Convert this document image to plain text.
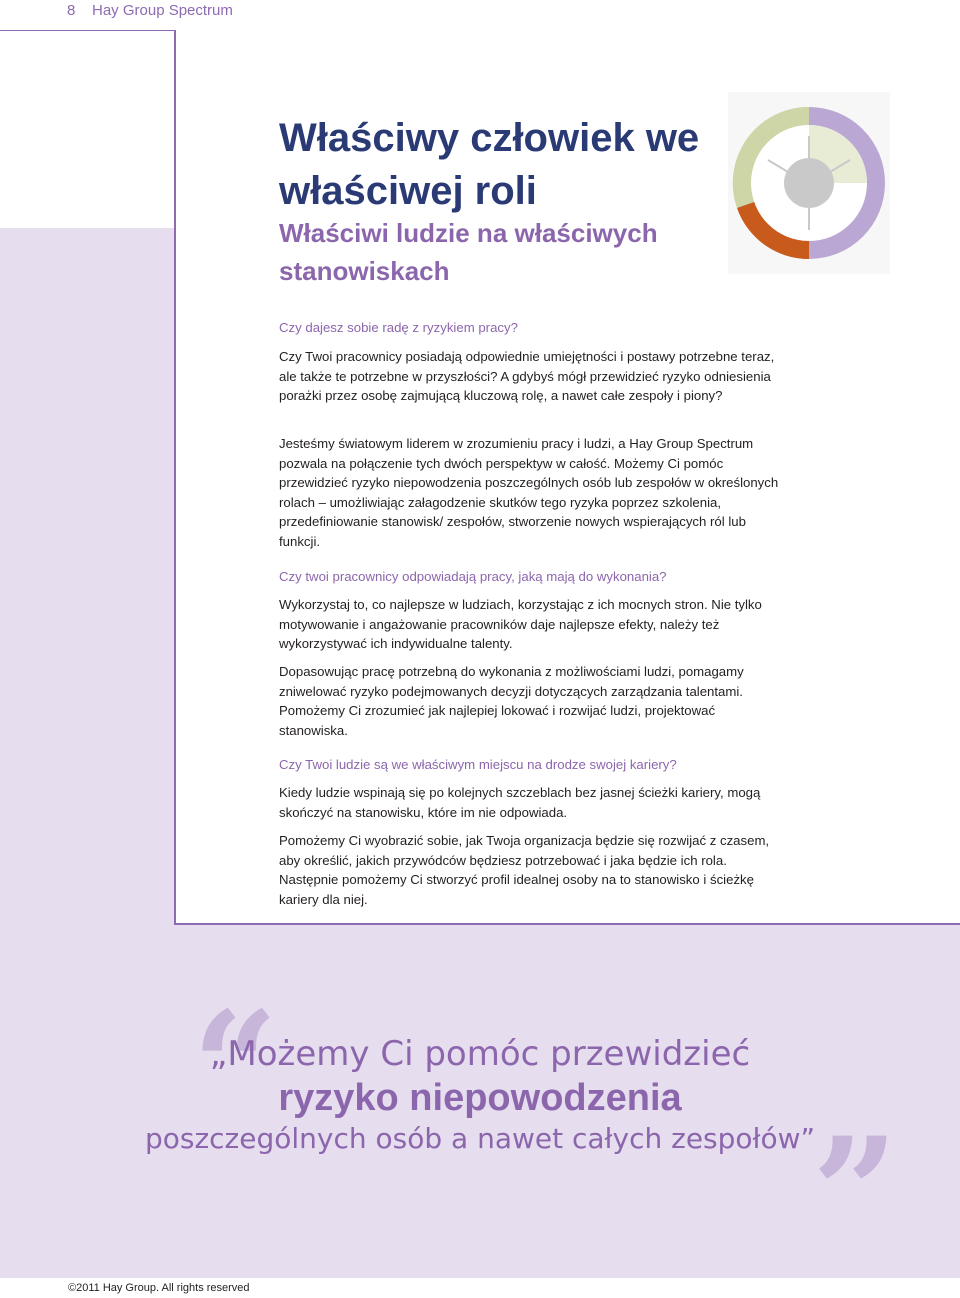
8 Hay Group Spectrum
Właściwy człowiek we właściwej roli
Właściwi ludzie na właściwych stanowiskach

Czy dajesz sobie radę z ryzykiem pracy?

Czy Twoi pracownicy posiadają odpowiednie umiejętności i postawy potrzebne teraz, ale także te potrzebne w przyszłości? A gdybyś mógł przewidzieć ryzyko odniesienia porażki przez osobę zajmującą kluczową rolę, a nawet całe zespoły i piony?

Jesteśmy światowym liderem w zrozumieniu pracy i ludzi, a Hay Group Spectrum pozwala na połączenie tych dwóch perspektyw w całość. Możemy Ci pomóc przewidzieć ryzyko niepowodzenia poszczególnych osób lub zespołów w określonych rolach – umożliwiając załagodzenie skutków tego ryzyka poprzez szkolenia, przedefiniowanie stanowisk/ zespołów, stworzenie nowych wspierających ról lub funkcji.

Czy twoi pracownicy odpowiadają pracy, jaką mają do wykonania?

Wykorzystaj to, co najlepsze w ludziach, korzystając z ich mocnych stron. Nie tylko motywowanie i angażowanie pracowników daje najlepsze efekty, należy też wykorzystywać ich indywidualne talenty.

Dopasowując pracę potrzebną do wykonania z możliwościami ludzi, pomagamy zniwelować ryzyko podejmowanych decyzji dotyczących zarządzania talentami. Pomożemy Ci zrozumieć jak najlepiej lokować i rozwijać ludzi, projektować stanowiska.

Czy Twoi ludzie są we właściwym miejscu na drodze swojej kariery?

Kiedy ludzie wspinają się po kolejnych szczeblach bez jasnej ścieżki kariery, mogą skończyć na stanowisku, które im nie odpowiada.

Pomożemy Ci wyobrazić sobie, jak Twoja organizacja będzie się rozwijać z czasem, aby określić, jakich przywódców będziesz potrzebować i jaka będzie ich rola. Następnie pomożemy Ci stworzyć profil idealnej osoby na to stanowisko i ścieżkę kariery dla niej.

“
”

„Możemy Ci pomóc przewidzieć

ryzyko niepowodzenia

poszczególnych osób a nawet całych zespołów”

©2011 Hay Group. All rights reserved
